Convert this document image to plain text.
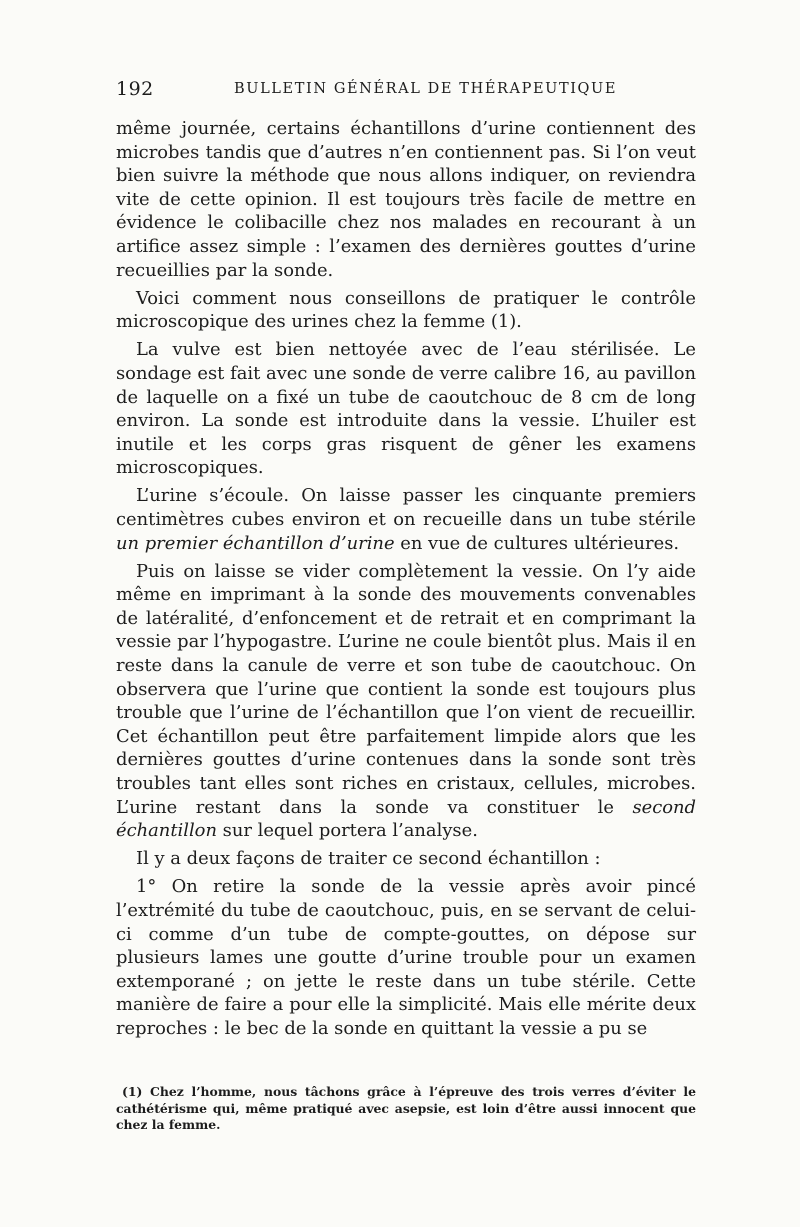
192	BULLETIN GÉNÉRAL DE THÉRAPEUTIQUE

même journée, certains échantillons d’urine contiennent des microbes tandis que d’autres n’en contiennent pas. Si l’on veut bien suivre la méthode que nous allons indiquer, on reviendra vite de cette opinion. Il est toujours très facile de mettre en évidence le colibacille chez nos malades en recourant à un artifice assez simple : l’examen des dernières gouttes d’urine recueillies par la sonde.

Voici comment nous conseillons de pratiquer le contrôle microscopique des urines chez la femme (1).

La vulve est bien nettoyée avec de l’eau stérilisée. Le sondage est fait avec une sonde de verre calibre 16, au pavillon de laquelle on a fixé un tube de caoutchouc de 8 cm de long environ. La sonde est introduite dans la vessie. L’huiler est inutile et les corps gras risquent de gêner les examens microscopiques.

L’urine s’écoule. On laisse passer les cinquante premiers centimètres cubes environ et on recueille dans un tube stérile un premier échantillon d’urine en vue de cultures ultérieures.

Puis on laisse se vider complètement la vessie. On l’y aide même en imprimant à la sonde des mouvements convenables de latéralité, d’enfoncement et de retrait et en comprimant la vessie par l’hypogastre. L’urine ne coule bientôt plus. Mais il en reste dans la canule de verre et son tube de caoutchouc. On observera que l’urine que contient la sonde est toujours plus trouble que l’urine de l’échantillon que l’on vient de recueillir. Cet échantillon peut être parfaitement limpide alors que les dernières gouttes d’urine contenues dans la sonde sont très troubles tant elles sont riches en cristaux, cellules, microbes. L’urine restant dans la sonde va constituer le second échantillon sur lequel portera l’analyse.

Il y a deux façons de traiter ce second échantillon :

1° On retire la sonde de la vessie après avoir pincé l’extrémité du tube de caoutchouc, puis, en se servant de celui-ci comme d’un tube de compte-gouttes, on dépose sur plusieurs lames une goutte d’urine trouble pour un examen extemporané ; on jette le reste dans un tube stérile. Cette manière de faire a pour elle la simplicité. Mais elle mérite deux reproches : le bec de la sonde en quittant la vessie a pu se

(1) Chez l’homme, nous tâchons grâce à l’épreuve des trois verres d’éviter le cathétérisme qui, même pratiqué avec asepsie, est loin d’être aussi innocent que chez la femme.
